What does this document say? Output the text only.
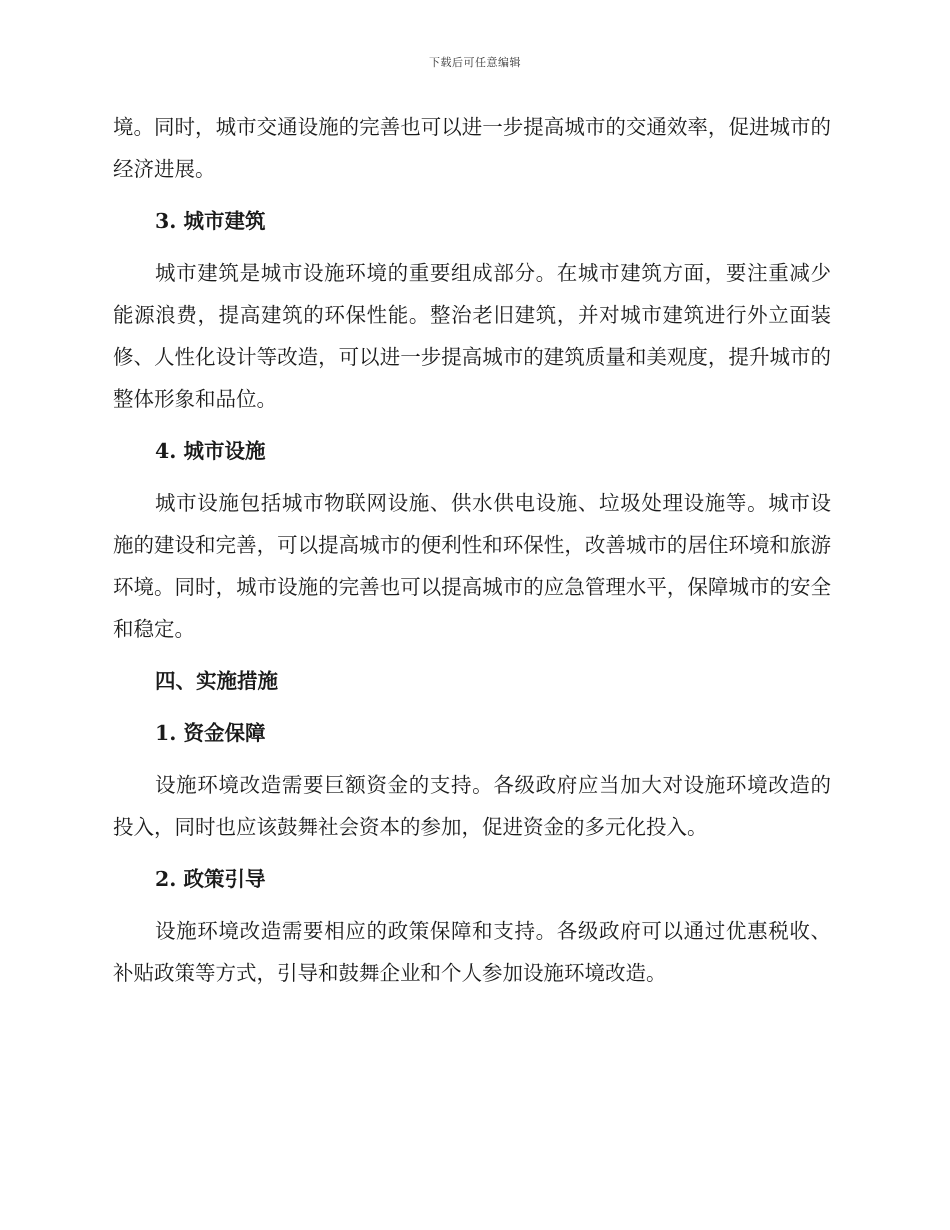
下载后可任意编辑

境。同时，城市交通设施的完善也可以进一步提高城市的交通效率，促进城市的经济进展。

3. 城市建筑

城市建筑是城市设施环境的重要组成部分。在城市建筑方面，要注重减少能源浪费，提高建筑的环保性能。整治老旧建筑，并对城市建筑进行外立面装修、人性化设计等改造，可以进一步提高城市的建筑质量和美观度，提升城市的整体形象和品位。

4. 城市设施

城市设施包括城市物联网设施、供水供电设施、垃圾处理设施等。城市设施的建设和完善，可以提高城市的便利性和环保性，改善城市的居住环境和旅游环境。同时，城市设施的完善也可以提高城市的应急管理水平，保障城市的安全和稳定。

四、实施措施
1. 资金保障

设施环境改造需要巨额资金的支持。各级政府应当加大对设施环境改造的投入，同时也应该鼓舞社会资本的参加，促进资金的多元化投入。

2. 政策引导

设施环境改造需要相应的政策保障和支持。各级政府可以通过优惠税收、补贴政策等方式，引导和鼓舞企业和个人参加设施环境改造。
